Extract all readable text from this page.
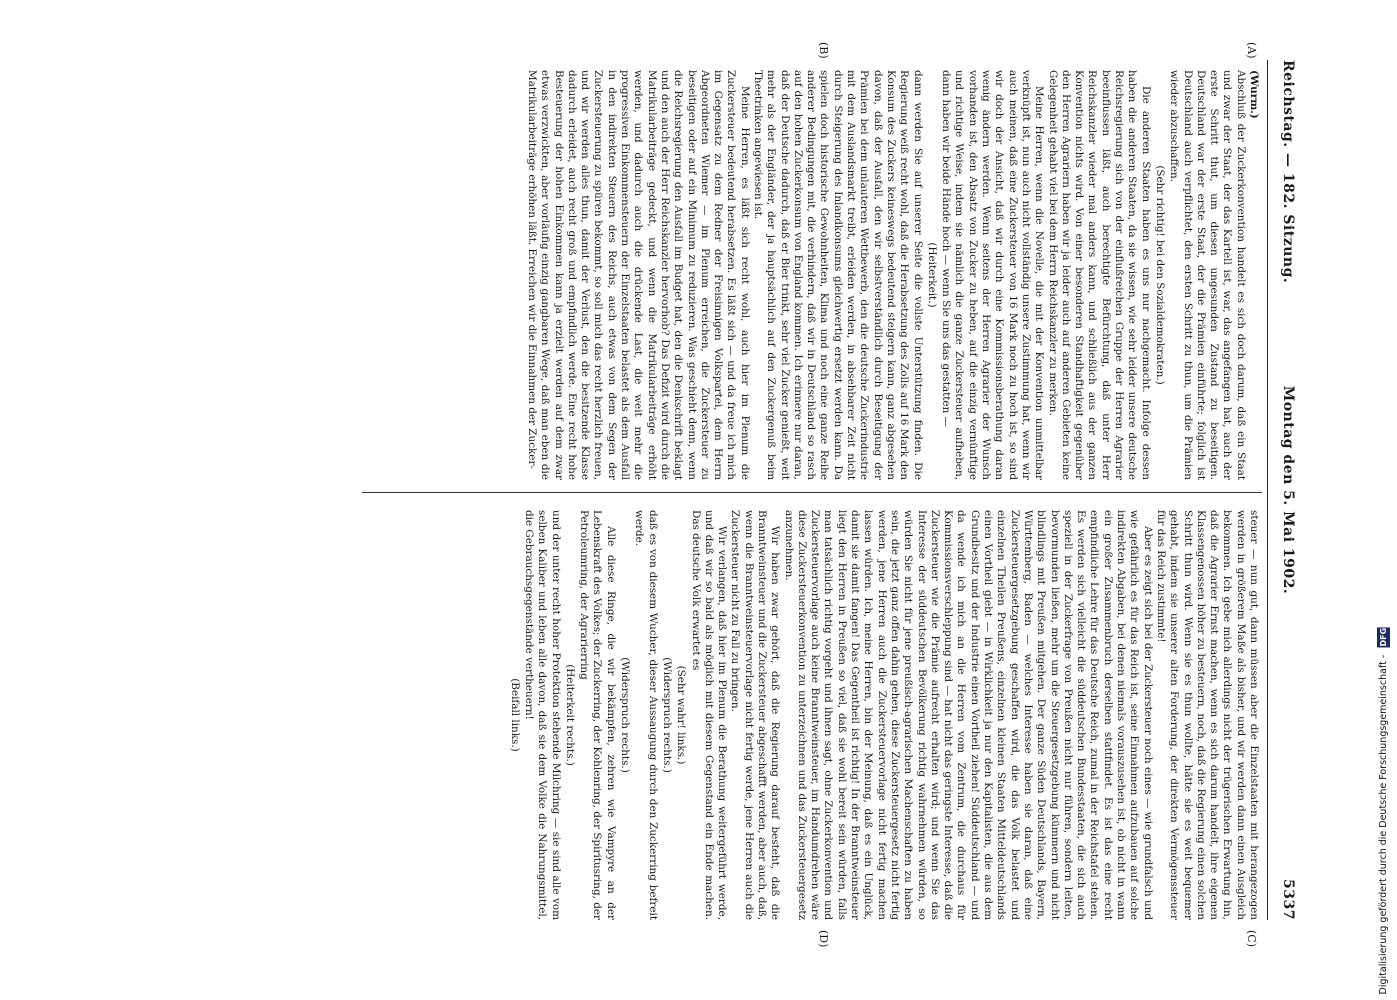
Reichstag. — 182. Sitzung.
Montag den 5. Mai 1902.
5337
(A)
(B)
(C)
(D)

(Wurm.)

Abschluß der Zuckerkonvention handelt es sich doch darum, daß ein Staat und zwar der Staat, der das Kartell ist, war, das angefangen hat, auch der erste Schritt thut, um diesen ungesunden Zustand zu beseitigen. Deutschland war der erste Staat, der die Prämien einführte; folglich ist Deutschland auch verpflichtet, den ersten Schritt zu thun, um die Prämien wieder abzuschaffen.

(Sehr richtig! bei den Sozialdemokraten.)

Die anderen Staaten haben es uns nur nachgemacht. Infolge dessen haben die anderen Staaten, da sie wissen, wie sehr leider unsere deutsche Reichsregierung sich von der einflußreichen Gruppe der Herren Agrarier beeinflussen läßt, auch berechtigte Befürchtung, daß unter Herr Reichskanzler wieder mal anders kann, und schließlich aus der ganzen Konvention nichts wird. Von einer besonderen Standhaftigkeit gegenüber den Herren Agrariern haben wir ja leider auch auf anderen Gebieten keine Gelegenheit gehabt viel bei dem Herrn Reichskanzler zu merken.

Meine Herren, wenn die Novelle, die mit der Konvention unmittelbar verknüpft ist, nun auch nicht vollständig unsere Zustimmung hat, wenn wir auch meinen, daß eine Zuckersteuer von 16 Mark noch zu hoch ist, so sind wir doch der Ansicht, daß wir durch eine Kommissionsberathung daran wenig ändern werden. Wenn seitens der Herren Agrarier der Wunsch vorhanden ist, den Absatz von Zucker zu heben, auf die einzig vernünftige und richtige Weise, indem sie nämlich die ganze Zuckersteuer aufheben, dann haben wir beide Hände hoch — wenn Sie uns das gestatten —

(Heiterkeit.)

dann werden Sie auf unserer Seite die vollste Unterstützung finden. Die Regierung weiß recht wohl, daß die Herabsetzung des Zolls auf 16 Mark den Konsum des Zuckers keineswegs bedeutend steigern kann, ganz abgesehen davon, daß der Ausfall, den wir selbstverständlich durch Beseitigung der Prämien bei dem unlauteren Wettbewerb, den die deutsche Zuckerindustrie mit dem Auslandsmarkt treibt, erleiden werden, in absehbarer Zeit nicht durch Steigerung des Inlandkonsums gleichwertig ersetzt werden kann. Da spielen doch historische Gewohnheiten, Klima und noch eine ganze Reihe anderer Bedingungen mit, die verhindern, daß wir in Deutschland so rasch auf den hohen Zuckerkonsum von England kommen. Ich erinnere nur daran, daß der Deutsche dadurch, daß er Bier trinkt, sehr viel Zucker genießt, weit mehr als der Engländer, der ja hauptsächlich auf den Zuckergenuß beim Theetrinken angewiesen ist.

Meine Herren, es läßt sich recht wohl, auch hier im Plenum die Zuckersteuer bedeutend herabsetzen. Es läßt sich — und da freue ich mich im Gegensatz zu dem Redner der Freisinnigen Volkspartei, dem Herrn Abgeordneten Wiemer — im Plenum erreichen, die Zuckersteuer zu beseitigen oder auf ein Minimum zu reduzieren. Was geschieht denn, wenn die Reichsregierung den Ausfall im Budget hat, den die Denkschrift beklagt und den auch der Herr Reichskanzler hervorhob? Das Defizit wird durch die Matrikularbeiträge gedeckt, und wenn die Matrikularbeiträge erhöht werden, und dadurch auch die drückende Last, die weit mehr die progressiven Einkommensteuern der Einzelstaaten belastet als dem Ausfall in den indirekten Steuern des Reichs, auch etwas von dem Segen der Zuckersteuerung zu spüren bekommt, so soll mich das recht herzlich freuen, und wir werden alles thun, damit der Verlust, den die besitzende Klasse dadurch erleidet, auch recht groß und empfindlich werde. Eine recht hohe Besteuerung der hohen Einkommen kann ja erzielt werden auf dem zwar etwas verzwickten, aber vorläufig einzig gangbaren Wege, daß man eben die Matrikularbeiträge erhöhen läßt. Erreichen wir die Einnahmen der Zucker-

steuer — nun gut, dann müssen aber die Einzelstaaten mit herangezogen werden in größerem Maße als bisher, und wir werden dann einen Ausgleich bekommen. Ich gebe mich allerdings nicht der trügerischen Erwartung hin, daß die Agrarier Ernst machen, wenn es sich darum handelt, ihre eigenen Klassengenossen höher zu besteuern, noch, daß die Regierung einen solchen Schritt thun wird. Wenn sie es thun wollte, hätte sie es weit bequemer gehabt, indem sie unserer alten Forderung, der direkten Vermögenssteuer für das Reich zustimmte!

Aber es zeigt sich bei der Zuckersteuer noch eines — wie grundfalsch und wie gefährlich es für das Reich ist, seine Einnahmen aufzubauen auf solche indirekten Abgaben, bei denen niemals vorauszusehen ist, ob nicht in wann ein großer Zusammenbruch derselben stattfindet. Es ist das eine recht empfindliche Lehre für das Deutsche Reich, zumal in der Reichstafel stehen. Es werden sich vielleicht die süddeutschen Bundesstaaten, die sich auch speziell in der Zuckerfrage von Preußen nicht nur führen, sondern leiten, bevormunden ließen, mehr um die Steuergesetzgebung kümmern und nicht blindlings mit Preußen mitgehen. Der ganze Süden Deutschlands, Bayern, Württemberg, Baden — welches Interesse haben sie daran, daß eine Zuckersteuergesetzgebung geschaffen wird, die das Volk belastet und einzelnen Theilen Preußens, einzelnen kleinen Staaten Mitteldeutschlands einen Vortheil giebt — in Wirklichkeit ja nur den Kapitalisten, die aus dem Grundbesitz und der Industrie einen Vortheil ziehen! Süddeutschland — und da wende ich mich an die Herren vom Zentrum, die durchaus für Kommissionsverschleppung sind — hat nicht das geringste Interesse, daß die Zuckersteuer wie die Prämie aufrecht erhalten wird; und wenn Sie das Interesse der süddeutschen Bevölkerung richtig wahrnehmen würden, so würden Sie nicht für jene preußisch-agrarischen Machenschaften zu haben sein, die jetzt ganz offen dahin gehen, diese Zuckersteuergesetz nicht fertig werden, jene Herren auch die Zuckersteuervorlage nicht fertig machen lassen würden. Ich, meine Herren, bin der Meinung, daß es ein Unglück, damit sie damit fangen! Das Gegentheil ist richtig! In der Branntweinsteuer liegt den Herren in Preußen so viel, daß sie wohl bereit sein würden, falls man tatsächlich richtig vorgeht und ihnen sagt, ohne Zuckerkonvention und Zuckersteuervorlage auch keine Branntweinsteuer, im Handumdrehen wäre diese Zuckersteuerkonvention zu unterzeichnen und das Zuckersteuergesetz anzunehmen.

Wir haben zwar gehört, daß die Regierung darauf besteht, daß die Branntweinsteuer und die Zuckersteuer abgeschafft werden, aber auch, daß, wenn die Branntweinsteuervorlage nicht fertig werde, jene Herren auch die Zuckersteuer nicht zu Fall zu bringen.

Wir verlangen, daß hier im Plenum die Berathung weitergeführt werde, und daß wir so bald als möglich mit diesem Gegenstand ein Ende machen. Das deutsche Volk erwartet es

(Sehr wahr! links.)

(Widerspruch rechts.)

daß es von diesem Wucher, dieser Aussaugung durch den Zuckerring befreit werde.

(Widerspruch rechts.)

Alle diese Ringe, die wir bekämpfen, zehren wie Vampyre an der Lebenskraft des Volkes; der Zuckerring, der Kohlenring, der Spiritusring, der Petroleumring, der Agrarierring

(Heiterkeit rechts.)

und der unter recht hoher Protektion stehende Milchring — sie sind alle vom selben Kaliber und leben alle davon, daß sie dem Volke die Nahrungsmittel, die Gebrauchsgegenstände vertheuern!

(Beifall links.)	Digitalisierung gefördert durch die Deutsche Forschungsgemeinschaft - DFG
